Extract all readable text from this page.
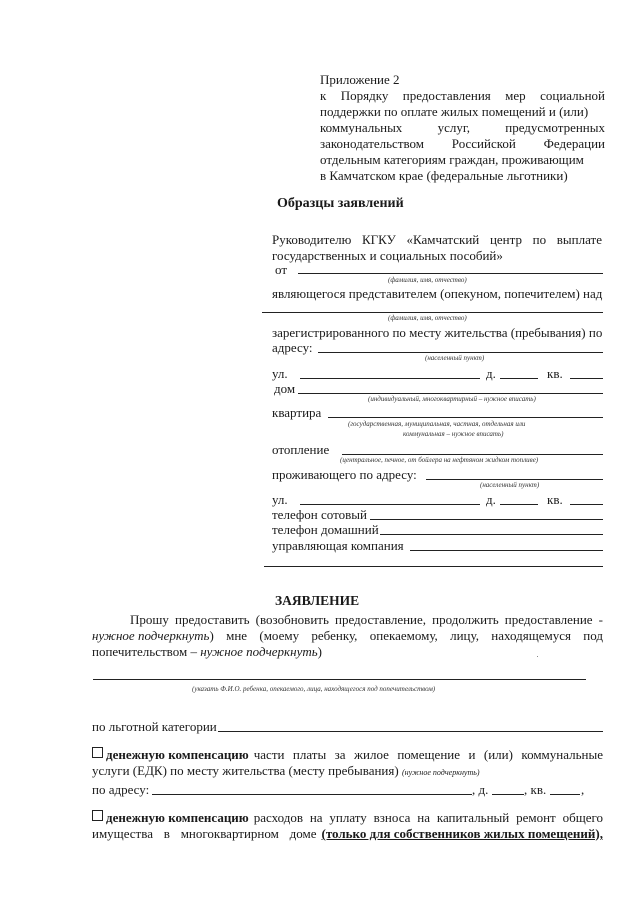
Приложение 2
к Порядку предоставления мер социальной
поддержки по оплате жилых помещений и (или)
коммунальных услуг, предусмотренных
законодательством Российской Федерации
отдельным категориям граждан, проживающим
в Камчатском крае (федеральные льготники)
Образцы заявлений
Руководителю КГКУ «Камчатский центр по выплате
государственных и социальных пособий»
от
(фамилия, имя, отчество)
являющегося представителем (опекуном, попечителем) над
(фамилия, имя, отчество)
зарегистрированного по месту жительства (пребывания) по
адресу:
(населенный пункт)
ул.	д.	кв.
дом
(индивидуальный, многоквартирный – нужное вписать)
квартира
(государственная, муниципальная, частная, отдельная или
коммунальная – нужное вписать)
отопление
(центральное, печное, от бойлера на нефтяном жидком топливе)
проживающего по адресу:
(населенный пункт)
ул.	д.	кв.
телефон сотовый
телефон домашний
управляющая компания
ЗАЯВЛЕНИЕ
Прошу предоставить (возобновить предоставление, продолжить предоставление -
нужное подчеркнуть ) мне (моему ребенку, опекаемому, лицу, находящемуся под
попечительством – нужное подчеркнуть)
(указать Ф.И.О. ребенка, опекаемого, лица, находящегося под попечительством)
по льготной категории
денежную компенсацию части платы за жилое помещение и (или) коммунальные
услуги (ЕДК) по месту жительства (месту пребывания) (нужное подчеркнуть)
по адресу:	, д.	, кв.	,
денежную компенсацию расходов на уплату взноса на капитальный ремонт общего
имущества в многоквартирном доме (только для собственников жилых помещений),
